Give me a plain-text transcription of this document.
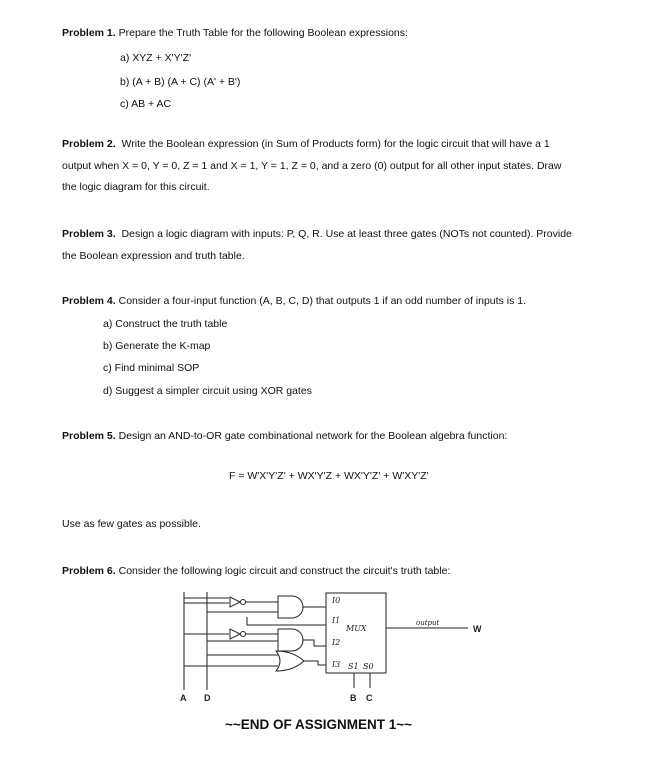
Problem 1. Prepare the Truth Table for the following Boolean expressions:
a) XYZ + X'Y'Z'
b) (A + B) (A + C) (A' + B')
c) AB + AC

Problem 2. Write the Boolean expression (in Sum of Products form) for the logic circuit that will have a 1

output when X = 0, Y = 0, Z = 1 and X = 1, Y = 1, Z = 0, and a zero (0) output for all other input states. Draw

the logic diagram for this circuit.

Problem 3. Design a logic diagram with inputs: P, Q, R. Use at least three gates (NOTs not counted). Provide

the Boolean expression and truth table.

Problem 4. Consider a four-input function (A, B, C, D) that outputs 1 if an odd number of inputs is 1.
a) Construct the truth table
b) Generate the K-map
c) Find minimal SOP
d) Suggest a simpler circuit using XOR gates
Problem 5. Design an AND-to-OR gate combinational network for the Boolean algebra function:
F = W'X'Y'Z' + WX'Y'Z + WX'Y'Z' + W'XY'Z'
Use as few gates as possible.
Problem 6. Consider the following logic circuit and construct the circuit's truth table:
I0
I1
I2
I3
MUX
S1 S0
output
W
A D	B C
~~END OF ASSIGNMENT 1~~
